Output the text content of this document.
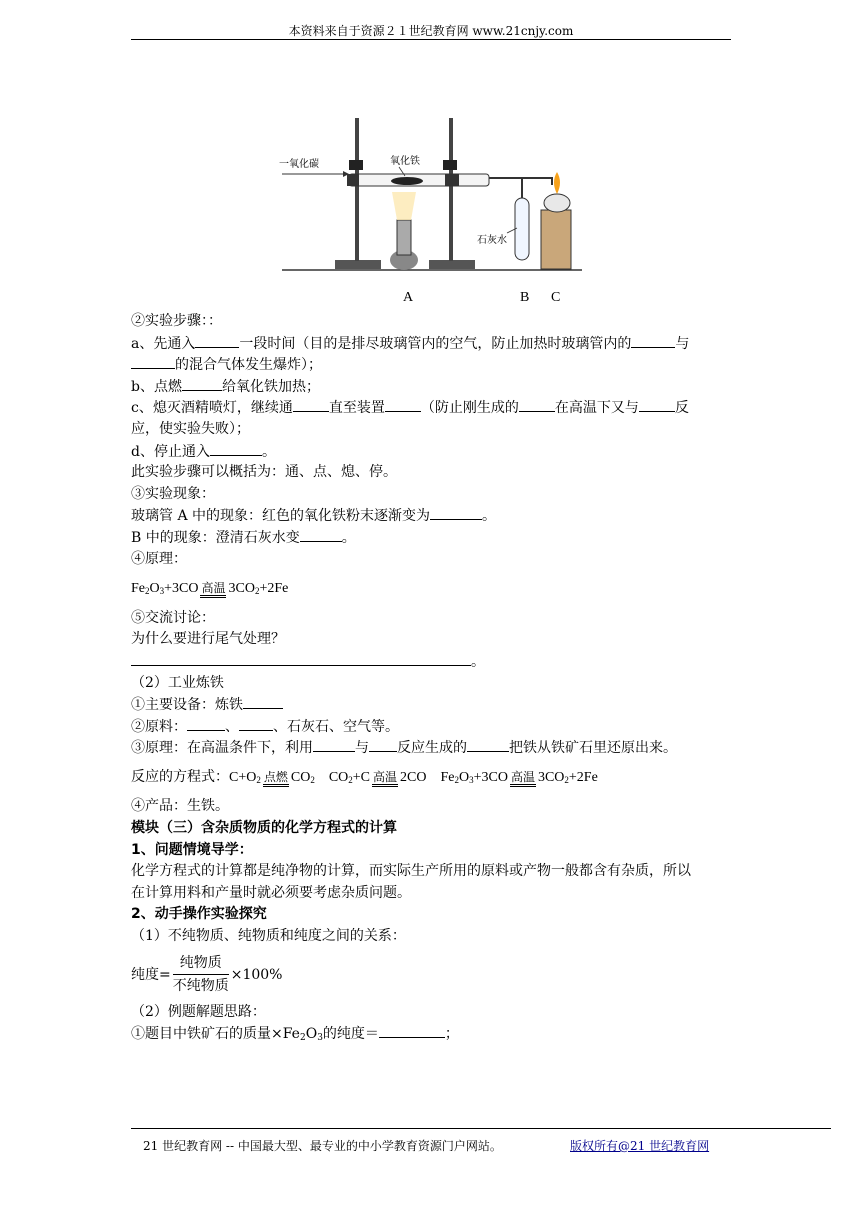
本资料来自于资源２１世纪教育网 www.21cnjy.com
一氧化碳	氧化铁
石灰水
A	B C
②实验步骤：：
a、先通入	一段时间（目的是排尽玻璃管内的空气，防止加热时玻璃管内的	与
的混合气体发生爆炸）；
b、点燃	给氧化铁加热；
c、熄灭酒精喷灯，继续通	直至装置	（防止刚生成的	在高温下又与	反
应，使实验失败）；
d、停止通入	。
此实验步骤可以概括为：通、点、熄、停。
③实验现象：
玻璃管 A 中的现象：红色的氧化铁粉末逐渐变为	。
B 中的现象：澄清石灰水变	。
④原理：
$Fe_2O_3+3CO$ 高温 $3CO_2+2Fe$
⑤交流讨论：
为什么要进行尾气处理？
。
（2）工业炼铁
①主要设备：炼铁
②原料：	、 、石灰石、空气等。
③原理：在高温条件下，利用	与 反应生成的	把铁从铁矿石里还原出来。
反应的方程式：$C+O_2$ 点燃 $CO_2$ $CO_2+C$ 高温 2CO $Fe_2O_3+3CO$ 高温 $3CO_2+2Fe$
④产品：生铁。
模块（三）含杂质物质的化学方程式的计算
1、问题情境导学：
化学方程式的计算都是纯净物的计算，而实际生产所用的原料或产物一般都含有杂质，所以
在计算用料和产量时就必须要考虑杂质问题。
2、动手操作实验探究
（1）不纯物质、纯物质和纯度之间的关系：
纯度= $\frac{\text{纯物质}}{\text{不纯物质}} \times 100\%$
（2）例题解题思路：
①题目中铁矿石的质量$\times Fe_2O_3$的纯度＝	；
21 世纪教育网 -- 中国最大型、最专业的中小学教育资源门户网站。	版权所有@21 世纪教育网
